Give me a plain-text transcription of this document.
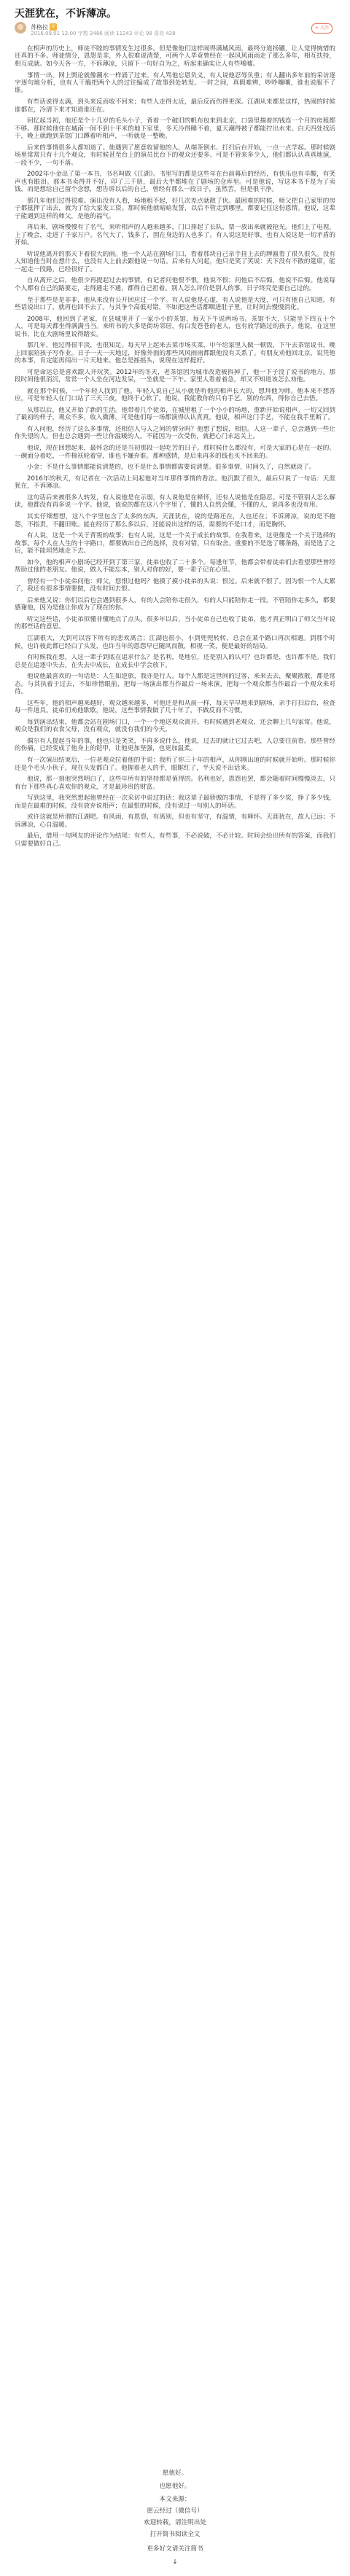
天涯犹在，不诉薄凉。
苏格拉 V
2016.09.01 12:00 字数 2486 阅读 11243 评论 98 喜欢 428
+ 关注

在相声的历史上，师徒不睦的事情发生过很多。但是像他们这样闹得满城风雨，最终分道扬镳，让人觉得惋惜的还真的不多。师徒情分，恩怨是非，外人很难说清楚，可两个人毕竟曾经在一起风风雨雨走了那么多年，相互扶持，相互成就。如今天各一方，不诉薄凉，只留下一句好自为之，听起来确实让人有些唏嘘。

事情一出，网上舆论就像潮水一样涌了过来。有人骂他忘恩负义，有人说他忍辱负重；有人翻出多年前的采访逐字逐句地分析，也有人干脆把两个人的过往编成了故事到处转发。一时之间，真假难辨，吵吵嚷嚷，谁也说服不了谁。

有些话说得太满，到头来反而收不回来；有些人走得太近，最后反而伤得更深。江湖从来都是这样，热闹的时候谁都在，冷清下来才知道谁还在。

回忆起当初，他还是个十几岁的毛头小子，背着一个破旧的帆布包来到北京，口袋里揣着的钱连一个月的房租都不够。那时候他住在城南一间不到十平米的地下室里，冬天冷得睡不着，夏天潮得被子都能拧出水来。白天四处找活干，晚上就跑到茶馆门口蹲着听相声，一听就是一整晚。

后来的事情很多人都知道了。他遇到了愿意收留他的人，从端茶倒水、打扫后台开始，一点一点学起。那时候剧场里常常只有十几个观众，有时候甚至台上的演员比台下的观众还要多。可是不管来多少人，他们都认认真真地演，一段不少，一句不落。

2002年小金出了第一本书，书名叫做《江湖》。书里写的都是这些年在台前幕后的经历，有快乐也有辛酸，有笑声也有眼泪。那本书卖得并不好，印了三千册，最后大半都堆在了剧场的仓库里。可是他说，写这本书不是为了卖钱，而是想给自己留个念想，想告诉以后的自己，曾经有那么一段日子，虽然苦，但是很干净。

那几年他们过得很难。演出没有人看，场地租不起，好几次差点就散了伙。最困难的时候，师父把自己家里的房子都抵押了出去，就为了给大家发工资。那时候他就暗暗发誓，以后不管走到哪里，都要记住这份恩情。他说，这辈子能遇到这样的师父，是他的福气。

再后来，剧场慢慢有了名气，来听相声的人越来越多，门口排起了长队，票一放出来就被抢光。他们上了电视，上了晚会，走进了千家万户。名气大了，钱多了，围在身边的人也多了。有人说这是好事，也有人说这是一切矛盾的开始。

听说他离开的那天下着很大的雨。他一个人站在剧场门口，看着那块自己亲手挂上去的牌匾看了很久很久。没有人知道他当时在想什么，也没有人上前去跟他说一句话。后来有人问起，他只是笑了笑说：天下没有不散的筵席，能一起走一段路，已经很好了。

自从离开之后，他很少再提起过去的事情。有记者问他恨不恨，他说不恨；问他后不后悔，他说不后悔。他说每个人都有自己的路要走，走得通走不通，都得自己担着。别人怎么评价是别人的事，日子终究是要自己过的。

至于那些是是非非，他从来没有公开回应过一个字。有人说他是心虚，有人说他是大度，可只有他自己知道，有些话说出口了，就再也回不去了。与其争个高低对错，不如把这些话都咽进肚子里，让时间去慢慢消化。

2008年，他回到了老家，在县城里开了一家小小的茶馆，每天下午说两场书。茶馆不大，只能坐下四五十个人，可是每天都坐得满满当当。来听书的大多是街坊邻居，有白发苍苍的老人，也有放学路过的孩子。他说，在这里说书，比在大剧场里说得踏实。

那几年，他过得很平淡，也很知足。每天早上起来去菜市场买菜，中午给家里人做一顿饭，下午去茶馆说书，晚上回家陪孩子写作业。日子一天一天地过，好像外面的那些风风雨雨都跟他没有关系了。有朋友劝他回北京，说凭他的本事，肯定能再闯出一片天地来。他总是摇摇头，说现在这样挺好。

可是命运总是喜欢跟人开玩笑。2012年的冬天，老茶馆因为城市改造被拆掉了，他一下子没了说书的地方。那段时间他很消沉，常常一个人坐在河边发呆，一坐就是一下午。家里人看着着急，却又不知道该怎么劝他。

就在那个时候，一个年轻人找到了他。年轻人说自己从小就是听他的相声长大的，想拜他为师。他本来不想答应，可是年轻人在门口站了三天三夜，他终于心软了。他说，我能教你的只有手艺，别的东西，得你自己去悟。

从那以后，他又开始了新的生活。他带着几个徒弟，在城里租了一个小小的场地，重新开始说相声。一切又回到了最初的样子，观众不多，收入微薄，可是他们每一场都演得认认真真。他说，相声这门手艺，不能在我手里断了。

有人问他，经历了这么多事情，还相信人与人之间的情分吗？他想了想说，相信。人这一辈子，总会遇到一些让你失望的人，但也总会遇到一些让你温暖的人。不能因为一次受伤，就把心门永远关上。

他说，现在回想起来，最怀念的还是当初那段一起吃苦的日子。那时候什么都没有，可是大家的心是在一起的。一碗面分着吃，一件棉袄轮着穿，谁也不嫌弃谁。那种感情，是后来再多的钱也买不回来的。

小金：不是什么事情都能说清楚的，也不是什么事情都需要说清楚。很多事情，时间久了，自然就淡了。

2016年的秋天，有记者在一次活动上问起他对当年那件事情的看法。他沉默了很久，最后只说了一句话：天涯犹在，不诉薄凉。

这句话后来被很多人转发，有人说他是在示弱，有人说他是在释怀，还有人说他是在隐忍。可是不管别人怎么解读，他都没有再多说一个字。他说，该说的都在这八个字里了，懂的人自然会懂，不懂的人，说再多也没有用。

其实仔细想想，这八个字里包含了太多的东西。天涯犹在，说的是路还在，人也还在；不诉薄凉，说的是不抱怨，不指责，不翻旧账。能在经历了那么多以后，还能说出这样的话，需要的不是口才，而是胸怀。

有人说，这是一个关于背叛的故事；也有人说，这是一个关于成长的故事。在我看来，这更像是一个关于选择的故事。每个人在人生的十字路口，都要做出自己的选择，没有对错，只有取舍。重要的不是选了哪条路，而是选了之后，能不能坦然地走下去。

如今，他的相声小剧场已经开到了第三家，徒弟也收了二十多个。每逢年节，他都会带着徒弟们去看望那些曾经帮助过他的老朋友。他说，做人不能忘本，别人对你的好，要一辈子记在心里。

曾经有一个小徒弟问他：师父，您恨过他吗？他摸了摸小徒弟的头说：恨过。后来就不恨了。因为恨一个人太累了，我还有很多事情要做，没有时间去恨。

后来他又说：你们以后也会遇到很多人，有的人会陪你走很久，有的人只能陪你走一段。不管陪你走多久，都要感谢他，因为是他让你成为了现在的你。

听完这些话，小徒弟似懂非懂地点了点头。很多年以后，当小徒弟自己也收了徒弟，他才真正明白了师父当年说的那些话的意思。

江湖很大，大到可以容下所有的悲欢离合；江湖也很小，小到兜兜转转，总会在某个路口再次相遇。到那个时候，也许彼此都已经白了头发，也许当年的恩怨早已随风而散，相视一笑，便是最好的结局。

有时候我在想，人这一辈子到底在追求什么？是名利，是地位，还是别人的认可？也许都是，也许都不是。我们总是在追逐中失去，在失去中成长，在成长中学会放下。

他说他最喜欢的一句话是：人生如逆旅，我亦是行人。每个人都是这世间的过客，来来去去，聚聚散散，都是常态。与其执着于过去，不如珍惜眼前，把每一场演出都当作最后一场来演，把每一个观众都当作最后一个观众来对待。

这些年，他的相声越来越好，观众越来越多，可他还是和从前一样，每天早早地来到剧场，亲手打扫后台，检查每一件道具。徒弟们劝他歇歇，他说，这些事情我做了几十年了，不做反而不习惯。

每到演出结束，他都会站在剧场门口，一个一个地送观众离开。有时候遇到老观众，还会聊上几句家常。他说，观众是我们的衣食父母，没有观众，就没有我们的今天。

偶尔有人提起当年的事，他也只是笑笑，不再多说什么。他说，过去的就让它过去吧，人总要往前看。那些曾经的伤痛，已经变成了他身上的铠甲，让他更加坚强，也更加温柔。

有一次演出结束后，一位老观众拉着他的手说：我听了你三十年的相声，从你刚出道的时候就开始听。那时候你还是个毛头小伙子，现在头发都白了。他握着老人的手，眼眶红了，半天说不出话来。

他说，那一刻他突然明白了，这些年所有的坚持都是值得的。名利也好，恩怨也罢，都会随着时间慢慢淡去，只有台下那些真心喜欢你的观众，才是最珍贵的财富。

写到这里，我突然想起他曾经在一次采访中说过的话：我这辈子最骄傲的事情，不是得了多少奖，挣了多少钱，而是在最难的时候，没有放弃说相声；在最恨的时候，没有说过一句别人的坏话。

或许这就是所谓的江湖吧。有风雨，有恩怨，有离别，但也有坚守，有温情，有释怀。天涯犹在，故人已远；不诉薄凉，心自温暖。

最后，借用一句网友的评论作为结尾：有些人，有些事，不必说破，不必计较。时间会给出所有的答案，而我们只需要做好自己。

愿他好。
也愿他好。
本文来源：
愿云经过（微信号）
欢迎转载，请注明出处
打开简书阅读全文
更多好文请关注简书
↓
